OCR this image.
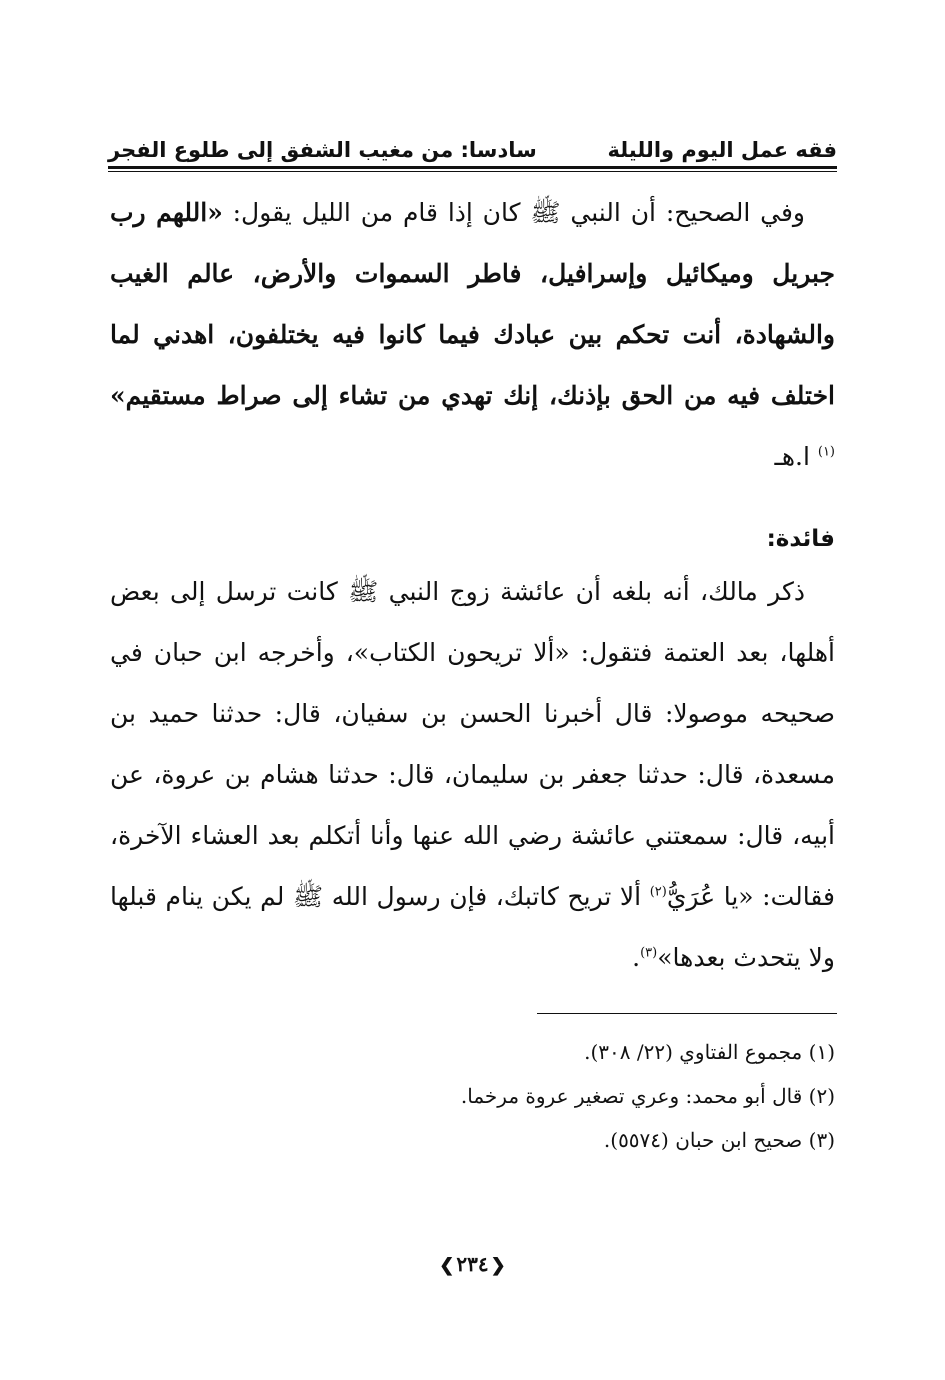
فقه عمل اليوم والليلة
سادسا: من مغيب الشفق إلى طلوع الفجر

وفي الصحيح: أن النبي ﷺ كان إذا قام من الليل يقول: «اللهم رب جبريل وميكائيل وإسرافيل، فاطر السموات والأرض، عالم الغيب والشهادة، أنت تحكم بين عبادك فيما كانوا فيه يختلفون، اهدني لما اختلف فيه من الحق بإذنك، إنك تهدي من تشاء إلى صراط مستقيم» $^{(١)}$ ا.هـ

فائدة:

ذكر مالك، أنه بلغه أن عائشة زوج النبي ﷺ كانت ترسل إلى بعض أهلها، بعد العتمة فتقول: «ألا تريحون الكتاب»، وأخرجه ابن حبان في صحيحه موصولا: قال أخبرنا الحسن بن سفيان، قال: حدثنا حميد بن مسعدة، قال: حدثنا جعفر بن سليمان، قال: حدثنا هشام بن عروة، عن أبيه، قال: سمعتني عائشة رضي الله عنها وأنا أتكلم بعد العشاء الآخرة، فقالت: «يا عُرَيُّ$^{(٢)}$ ألا تريح كاتبك، فإن رسول الله ﷺ لم يكن ينام قبلها ولا يتحدث بعدها»$^{(٣)}$.

(١) مجموع الفتاوي (٢٢/ ٣٠٨).
(٢) قال أبو محمد: وعري تصغير عروة مرخما.
(٣) صحيح ابن حبان (٥٥٧٤).
❮٢٣٤❯
